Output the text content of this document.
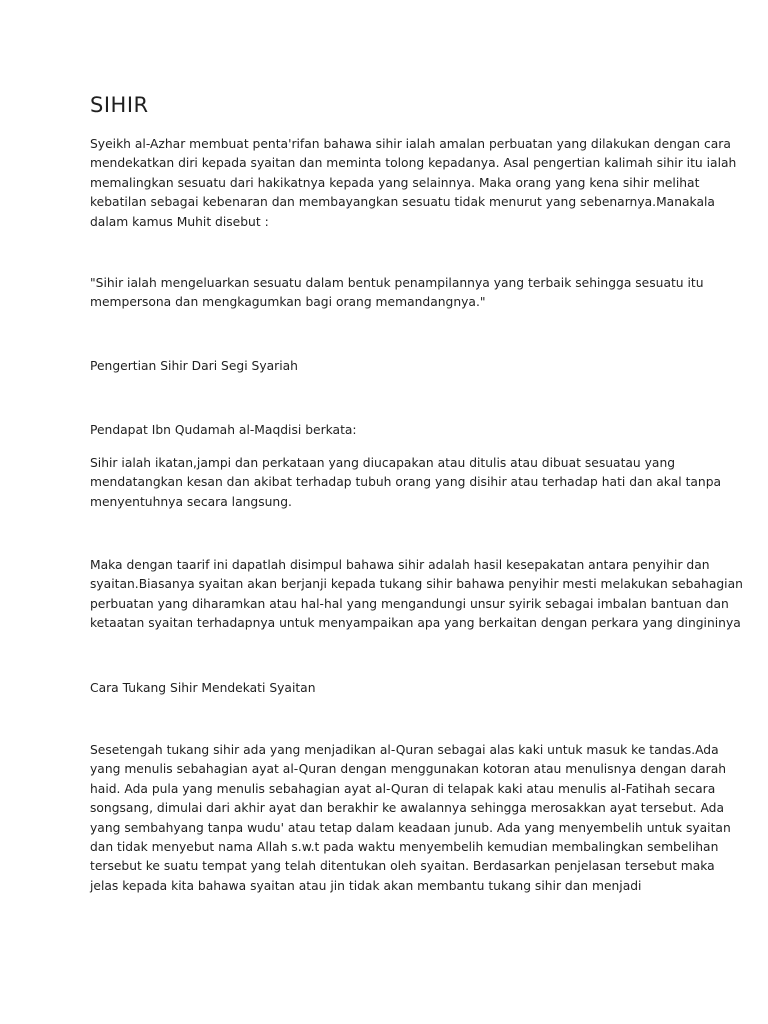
SIHIR

Syeikh al-Azhar membuat penta'rifan bahawa sihir ialah amalan perbuatan yang dilakukan dengan cara
mendekatkan diri kepada syaitan dan meminta tolong kepadanya. Asal pengertian kalimah sihir itu ialah
memalingkan sesuatu dari hakikatnya kepada yang selainnya. Maka orang yang kena sihir melihat
kebatilan sebagai kebenaran dan membayangkan sesuatu tidak menurut yang sebenarnya.Manakala
dalam kamus Muhit disebut :

"Sihir ialah mengeluarkan sesuatu dalam bentuk penampilannya yang terbaik sehingga sesuatu itu
mempersona dan mengkagumkan bagi orang memandangnya."

Pengertian Sihir Dari Segi Syariah

Pendapat Ibn Qudamah al-Maqdisi berkata:

Sihir ialah ikatan,jampi dan perkataan yang diucapakan atau ditulis atau dibuat sesuatau yang
mendatangkan kesan dan akibat terhadap tubuh orang yang disihir atau terhadap hati dan akal tanpa
menyentuhnya secara langsung.

Maka dengan taarif ini dapatlah disimpul bahawa sihir adalah hasil kesepakatan antara penyihir dan
syaitan.Biasanya syaitan akan berjanji kepada tukang sihir bahawa penyihir mesti melakukan sebahagian
perbuatan yang diharamkan atau hal-hal yang mengandungi unsur syirik sebagai imbalan bantuan dan
ketaatan syaitan terhadapnya untuk menyampaikan apa yang berkaitan dengan perkara yang dingininya

Cara Tukang Sihir Mendekati Syaitan

Sesetengah tukang sihir ada yang menjadikan al-Quran sebagai alas kaki untuk masuk ke tandas.Ada
yang menulis sebahagian ayat al-Quran dengan menggunakan kotoran atau menulisnya dengan darah
haid. Ada pula yang menulis sebahagian ayat al-Quran di telapak kaki atau menulis al-Fatihah secara
songsang, dimulai dari akhir ayat dan berakhir ke awalannya sehingga merosakkan ayat tersebut. Ada
yang sembahyang tanpa wudu' atau tetap dalam keadaan junub. Ada yang menyembelih untuk syaitan
dan tidak menyebut nama Allah s.w.t pada waktu menyembelih kemudian membalingkan sembelihan
tersebut ke suatu tempat yang telah ditentukan oleh syaitan. Berdasarkan penjelasan tersebut maka
jelas kepada kita bahawa syaitan atau jin tidak akan membantu tukang sihir dan menjadi
